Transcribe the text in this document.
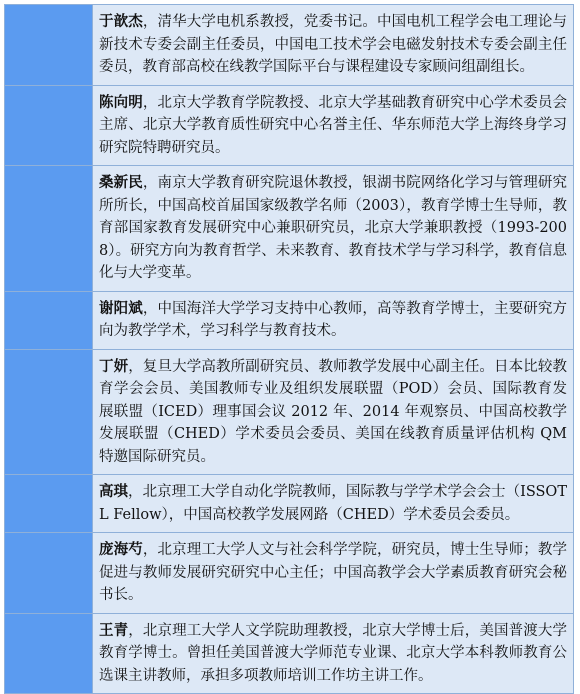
	于歆杰，清华大学电机系教授，党委书记。中国电机工程学会电工理论与新技术专委会副主任委员，中国电工技术学会电磁发射技术专委会副主任委员，教育部高校在线教学国际平台与课程建设专家顾问组副组长。
	陈向明，北京大学教育学院教授、北京大学基础教育研究中心学术委员会主席、北京大学教育质性研究中心名誉主任、华东师范大学上海终身学习研究院特聘研究员。
	桑新民，南京大学教育研究院退休教授，银湖书院网络化学习与管理研究所所长，中国高校首届国家级教学名师（2003），教育学博士生导师，教育部国家教育发展研究中心兼职研究员，北京大学兼职教授（1993-2008）。研究方向为教育哲学、未来教育、教育技术学与学习科学，教育信息化与大学变革。
	谢阳斌，中国海洋大学学习支持中心教师，高等教育学博士，主要研究方向为教学学术，学习科学与教育技术。
	丁妍，复旦大学高教所副研究员、教师教学发展中心副主任。日本比较教育学会会员、美国教师专业及组织发展联盟（POD）会员、国际教育发展联盟（ICED）理事国会议 2012 年、2014 年观察员、中国高校教学发展联盟（CHED）学术委员会委员、美国在线教育质量评估机构 QM 特邀国际研究员。
	高琪，北京理工大学自动化学院教师，国际教与学学术学会会士（ISSOTL Fellow），中国高校教学发展网路（CHED）学术委员会委员。
	庞海芍，北京理工大学人文与社会科学学院，研究员，博士生导师；教学促进与教师发展研究研究中心主任；中国高教学会大学素质教育研究会秘书长。
	王青，北京理工大学人文学院助理教授，北京大学博士后，美国普渡大学教育学博士。曾担任美国普渡大学师范专业课、北京大学本科教师教育公选课主讲教师，承担多项教师培训工作坊主讲工作。
